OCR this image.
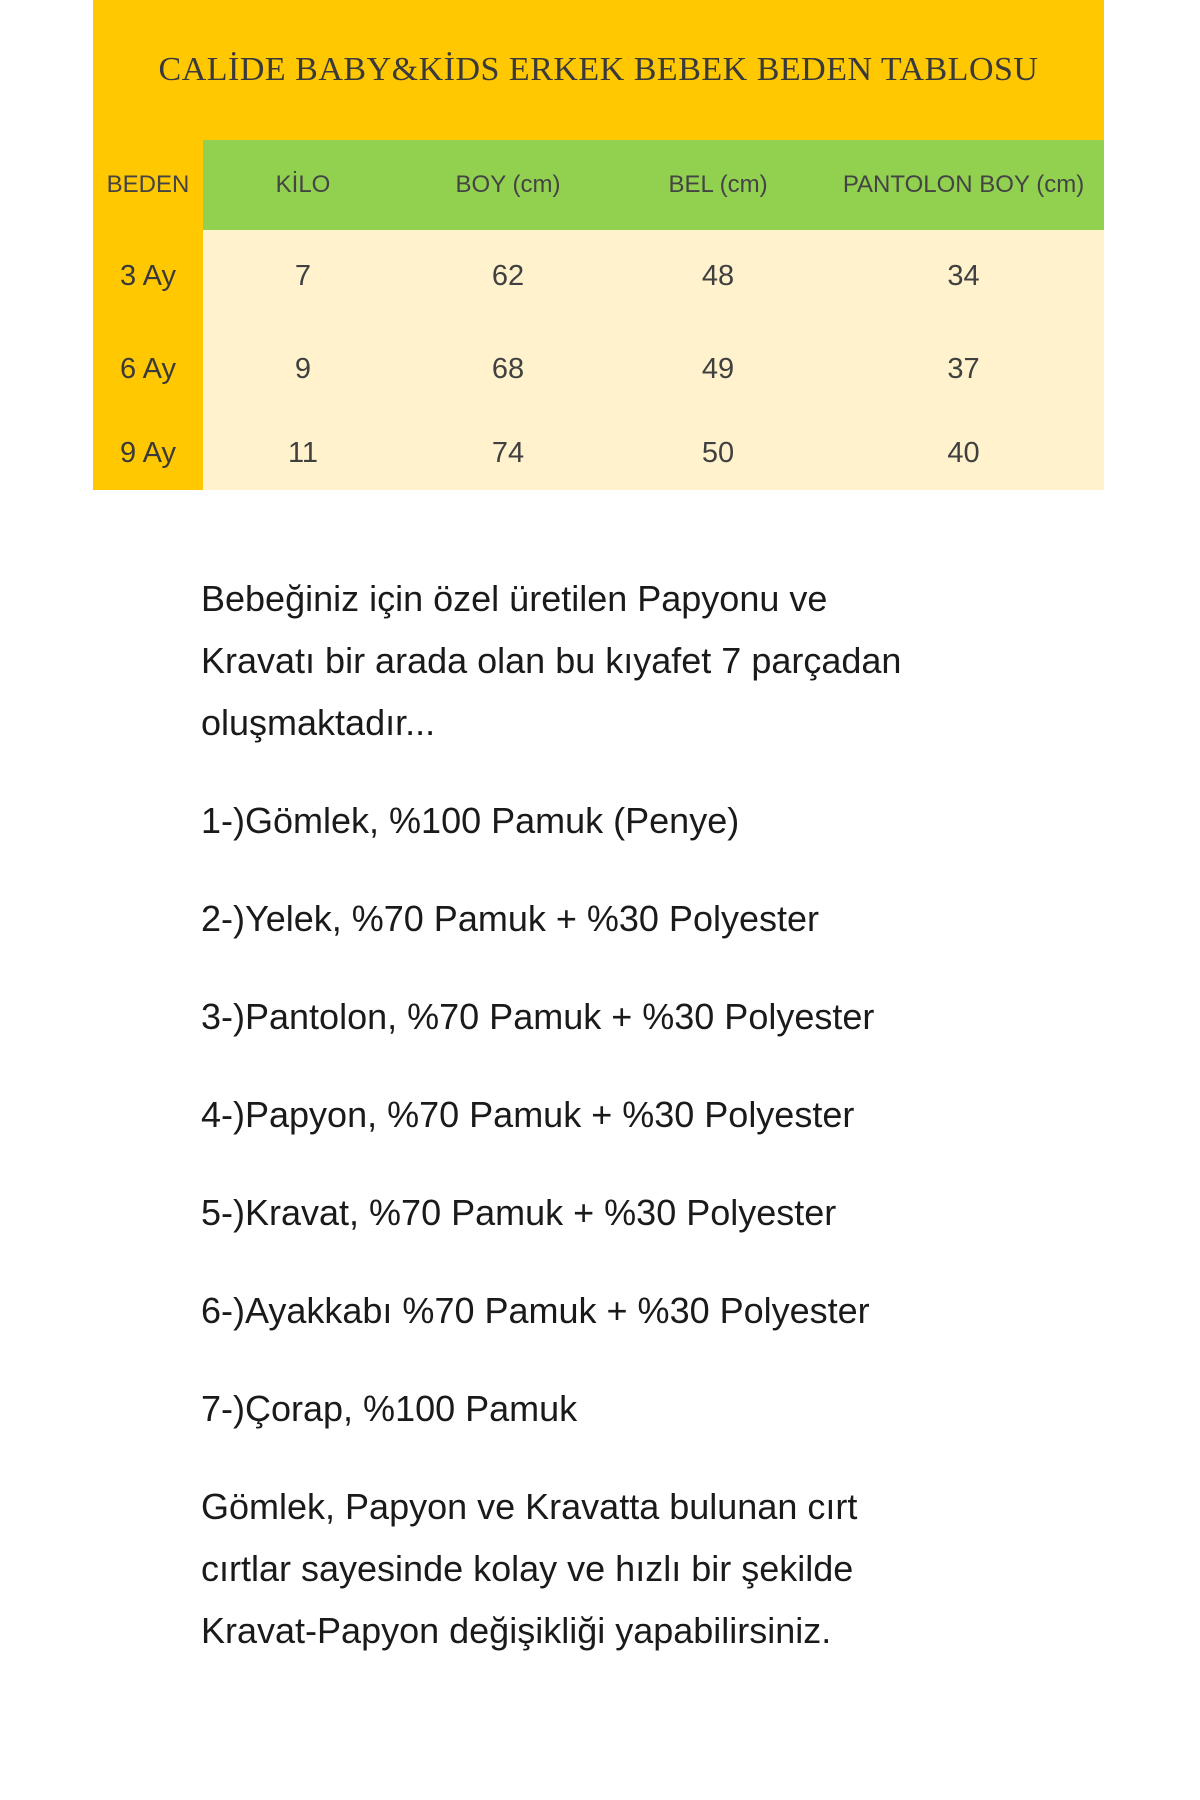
CALİDE BABY&KİDS ERKEK BEBEK BEDEN TABLOSU
BEDEN	KİLO	BOY (cm)	BEL (cm)	PANTOLON BOY (cm)
3 Ay	7	62	48	34
6 Ay	9	68	49	37
9 Ay	11	74	50	40

Bebeğiniz için özel üretilen Papyonu ve
Kravatı bir arada olan bu kıyafet 7 parçadan
oluşmaktadır...

1-)Gömlek, %100 Pamuk (Penye)
2-)Yelek, %70 Pamuk + %30 Polyester
3-)Pantolon, %70 Pamuk + %30 Polyester
4-)Papyon, %70 Pamuk + %30 Polyester
5-)Kravat, %70 Pamuk + %30 Polyester
6-)Ayakkabı %70 Pamuk + %30 Polyester
7-)Çorap, %100 Pamuk

Gömlek, Papyon ve Kravatta bulunan cırt
cırtlar sayesinde kolay ve hızlı bir şekilde
Kravat-Papyon değişikliği yapabilirsiniz.
